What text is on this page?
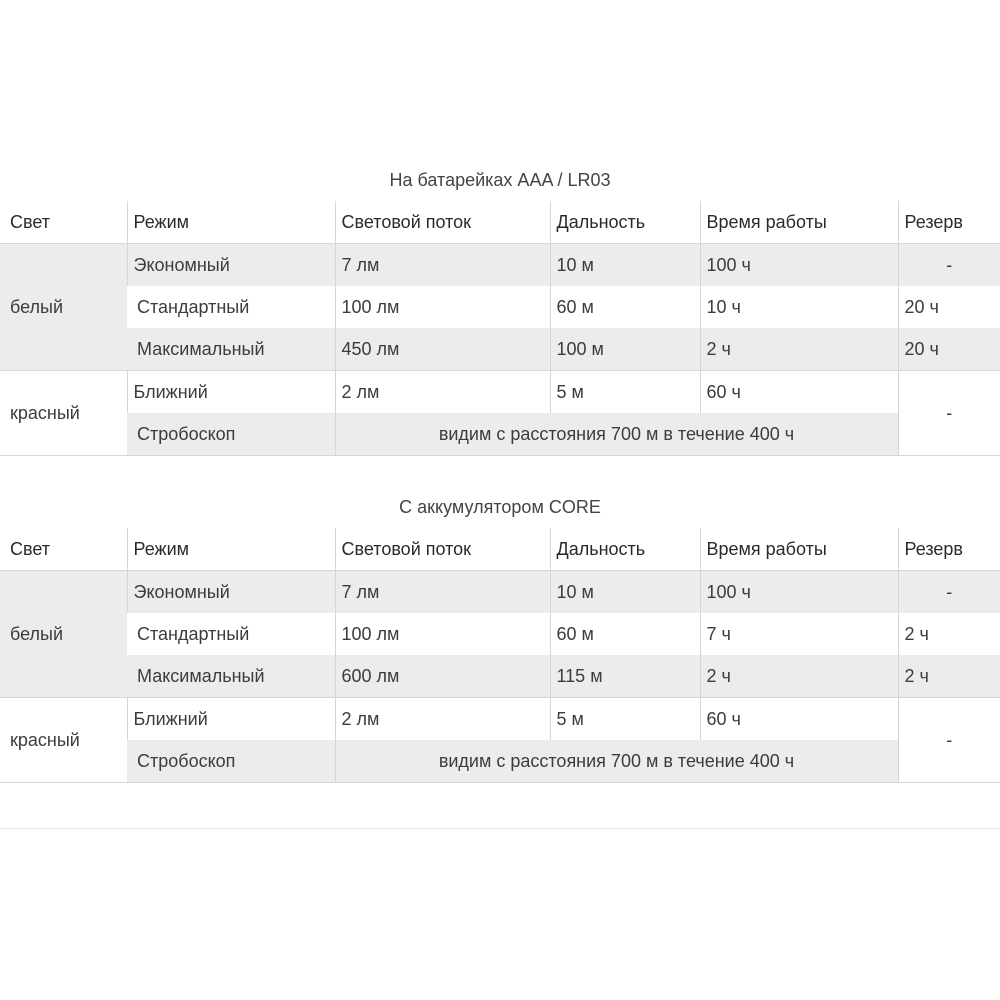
На батарейках AAA / LR03
Свет	Режим	Световой поток	Дальность	Время работы	Резерв
белый	Экономный	7 лм	10 м	100 ч	-
	Стандартный	100 лм	60 м	10 ч	20 ч
	Максимальный	450 лм	100 м	2 ч	20 ч
красный	Ближний	2 лм	5 м	60 ч	-
	Стробоскоп	видим с расстояния 700 м в течение 400 ч			
С аккумулятором CORE
Свет	Режим	Световой поток	Дальность	Время работы	Резерв
белый	Экономный	7 лм	10 м	100 ч	-
	Стандартный	100 лм	60 м	7 ч	2 ч
	Максимальный	600 лм	115 м	2 ч	2 ч
красный	Ближний	2 лм	5 м	60 ч	-
	Стробоскоп	видим с расстояния 700 м в течение 400 ч			
